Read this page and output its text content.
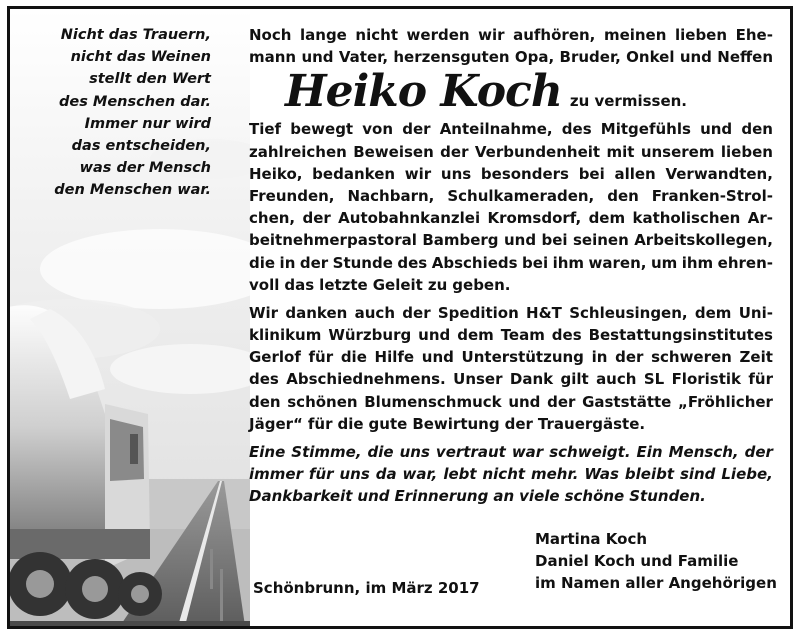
Nicht das Trauern,
nicht das Weinen
stellt den Wert
des Menschen dar.
Immer nur wird
das entscheiden,
was der Mensch
den Menschen war.
Noch lange nicht werden wir aufhören, meinen lieben Ehe-
mann und Vater, herzensguten Opa, Bruder, Onkel und Neffen
Heiko Koch zu vermissen.
Tief bewegt von der Anteilnahme, des Mitgefühls und den
zahlreichen Beweisen der Verbundenheit mit unserem lieben
Heiko, bedanken wir uns besonders bei allen Verwandten,
Freunden, Nachbarn, Schulkameraden, den Franken-Strol-
chen, der Autobahnkanzlei Kromsdorf, dem katholischen Ar-
beitnehmerpastoral Bamberg und bei seinen Arbeitskollegen,
die in der Stunde des Abschieds bei ihm waren, um ihm ehren-
voll das letzte Geleit zu geben.
Wir danken auch der Spedition H&T Schleusingen, dem Uni-
klinikum Würzburg und dem Team des Bestattungsinstitutes
Gerlof für die Hilfe und Unterstützung in der schweren Zeit
des Abschiednehmens. Unser Dank gilt auch SL Floristik für
den schönen Blumenschmuck und der Gaststätte „Fröhlicher
Jäger“ für die gute Bewirtung der Trauergäste.
Eine Stimme, die uns vertraut war schweigt. Ein Mensch, der
immer für uns da war, lebt nicht mehr. Was bleibt sind Liebe,
Dankbarkeit und Erinnerung an viele schöne Stunden.
Schönbrunn, im März 2017
Martina Koch
Daniel Koch und Familie
im Namen aller Angehörigen
